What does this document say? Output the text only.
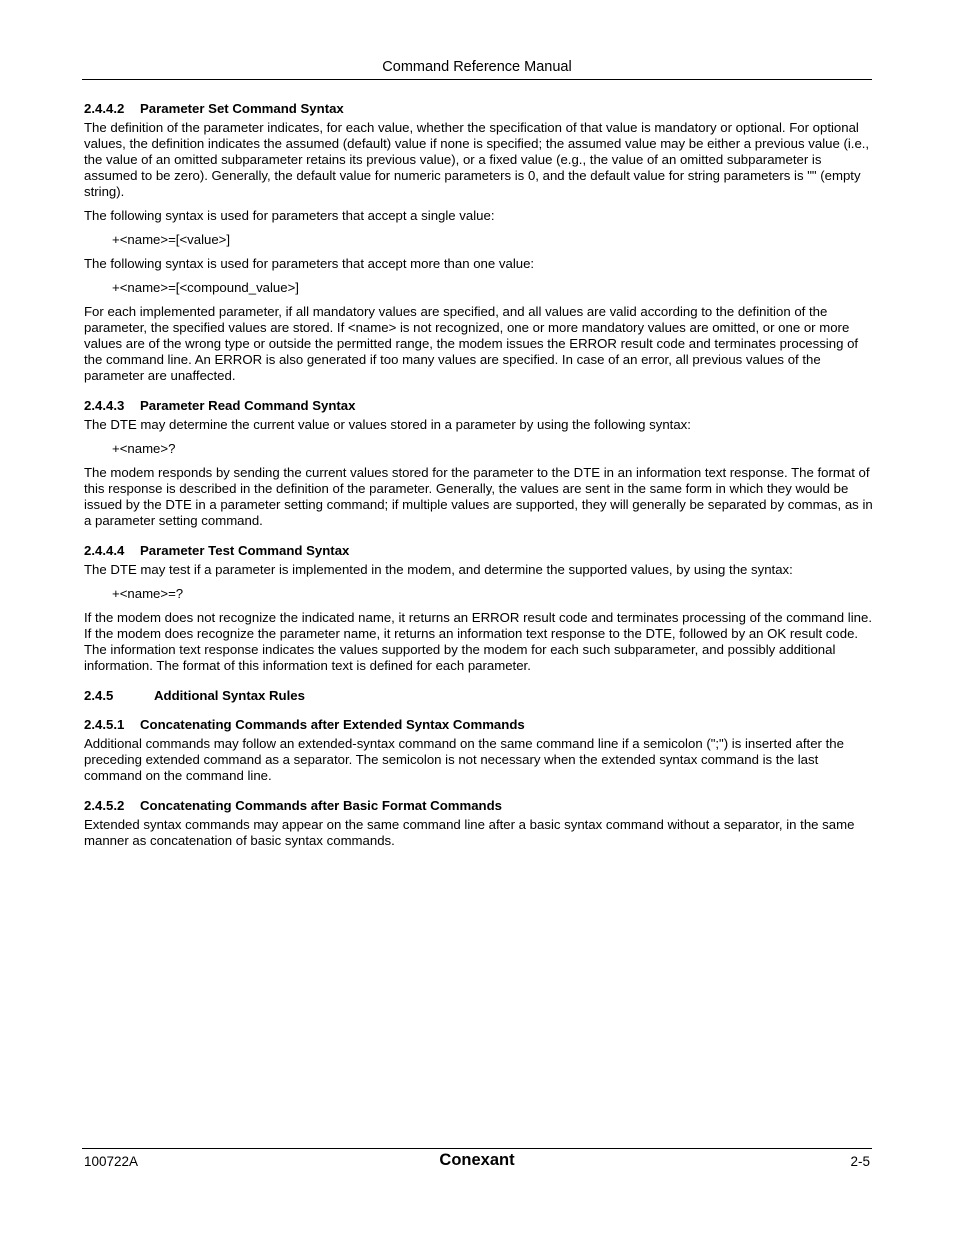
Command Reference Manual
2.4.4.2 Parameter Set Command Syntax

The definition of the parameter indicates, for each value, whether the specification of that value is mandatory or optional. For optional values, the definition indicates the assumed (default) value if none is specified; the assumed value may be either a previous value (i.e., the value of an omitted subparameter retains its previous value), or a fixed value (e.g., the value of an omitted subparameter is assumed to be zero). Generally, the default value for numeric parameters is 0, and the default value for string parameters is "" (empty string).

The following syntax is used for parameters that accept a single value:

+<name>=[<value>]

The following syntax is used for parameters that accept more than one value:

+<name>=[<compound_value>]

For each implemented parameter, if all mandatory values are specified, and all values are valid according to the definition of the parameter, the specified values are stored. If <name> is not recognized, one or more mandatory values are omitted, or one or more values are of the wrong type or outside the permitted range, the modem issues the ERROR result code and terminates processing of the command line. An ERROR is also generated if too many values are specified. In case of an error, all previous values of the parameter are unaffected.

2.4.4.3 Parameter Read Command Syntax

The DTE may determine the current value or values stored in a parameter by using the following syntax:

+<name>?

The modem responds by sending the current values stored for the parameter to the DTE in an information text response. The format of this response is described in the definition of the parameter. Generally, the values are sent in the same form in which they would be issued by the DTE in a parameter setting command; if multiple values are supported, they will generally be separated by commas, as in a parameter setting command.

2.4.4.4 Parameter Test Command Syntax

The DTE may test if a parameter is implemented in the modem, and determine the supported values, by using the syntax:

+<name>=?

If the modem does not recognize the indicated name, it returns an ERROR result code and terminates processing of the command line. If the modem does recognize the parameter name, it returns an information text response to the DTE, followed by an OK result code. The information text response indicates the values supported by the modem for each such subparameter, and possibly additional information. The format of this information text is defined for each parameter.

2.4.5	Additional Syntax Rules
2.4.5.1 Concatenating Commands after Extended Syntax Commands

Additional commands may follow an extended-syntax command on the same command line if a semicolon (";") is inserted after the preceding extended command as a separator. The semicolon is not necessary when the extended syntax command is the last command on the command line.

2.4.5.2 Concatenating Commands after Basic Format Commands

Extended syntax commands may appear on the same command line after a basic syntax command without a separator, in the same manner as concatenation of basic syntax commands.

100722A	Conexant	2-5
